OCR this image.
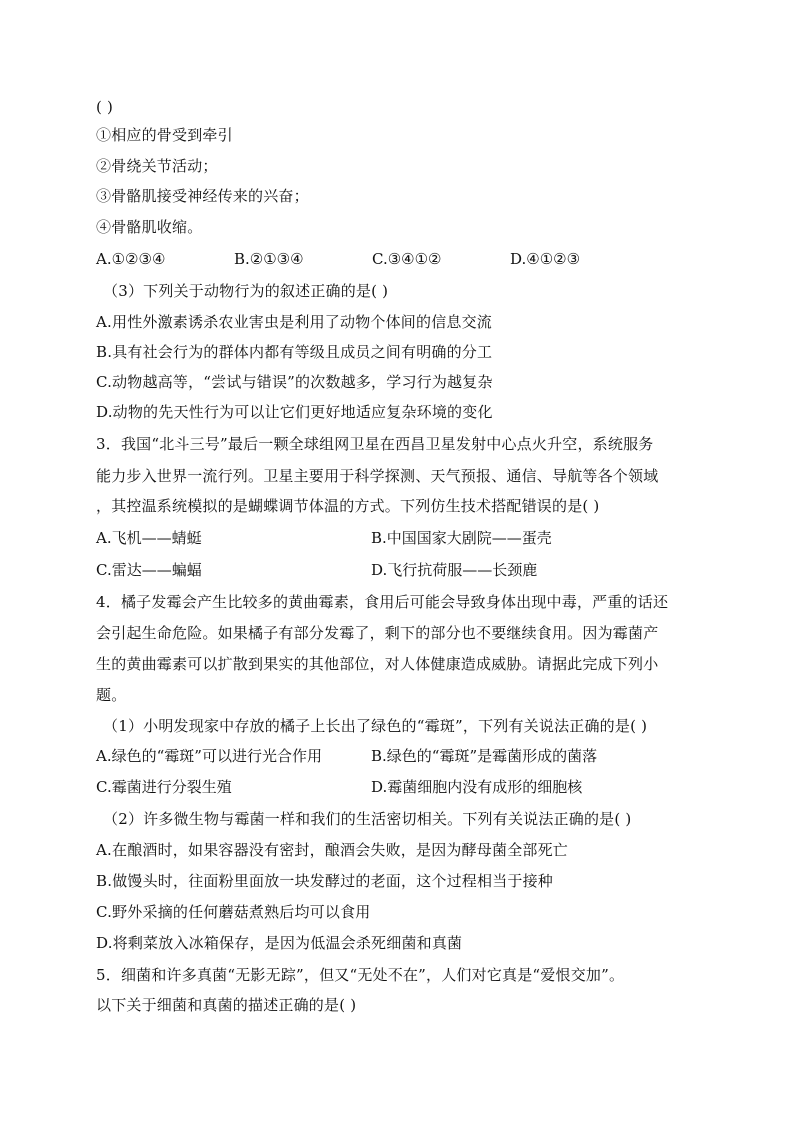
( )
①相应的骨受到牵引
②骨绕关节活动；
③骨骼肌接受神经传来的兴奋；
④骨骼肌收缩。
A.①②③④	B.②①③④	C.③④①②	D.④①②③
（3）下列关于动物行为的叙述正确的是( )
A.用性外激素诱杀农业害虫是利用了动物个体间的信息交流
B.具有社会行为的群体内都有等级且成员之间有明确的分工
C.动物越高等，“尝试与错误”的次数越多，学习行为越复杂
D.动物的先天性行为可以让它们更好地适应复杂环境的变化
3．我国“北斗三号”最后一颗全球组网卫星在西昌卫星发射中心点火升空，系统服务
能力步入世界一流行列。卫星主要用于科学探测、天气预报、通信、导航等各个领域
，其控温系统模拟的是蝴蝶调节体温的方式。下列仿生技术搭配错误的是( )
A.飞机——蜻蜓	B.中国国家大剧院——蛋壳
C.雷达——蝙蝠	D.飞行抗荷服——长颈鹿
4．橘子发霉会产生比较多的黄曲霉素，食用后可能会导致身体出现中毒，严重的话还
会引起生命危险。如果橘子有部分发霉了，剩下的部分也不要继续食用。因为霉菌产
生的黄曲霉素可以扩散到果实的其他部位，对人体健康造成威胁。请据此完成下列小
题。
（1）小明发现家中存放的橘子上长出了绿色的“霉斑”，下列有关说法正确的是( )
A.绿色的“霉斑”可以进行光合作用	B.绿色的“霉斑”是霉菌形成的菌落
C.霉菌进行分裂生殖	D.霉菌细胞内没有成形的细胞核
（2）许多微生物与霉菌一样和我们的生活密切相关。下列有关说法正确的是( )
A.在酿酒时，如果容器没有密封，酿酒会失败，是因为酵母菌全部死亡
B.做馒头时，往面粉里面放一块发酵过的老面，这个过程相当于接种
C.野外采摘的任何蘑菇煮熟后均可以食用
D.将剩菜放入冰箱保存，是因为低温会杀死细菌和真菌
5．细菌和许多真菌“无影无踪”，但又“无处不在”，人们对它真是“爱恨交加”。
以下关于细菌和真菌的描述正确的是( )
